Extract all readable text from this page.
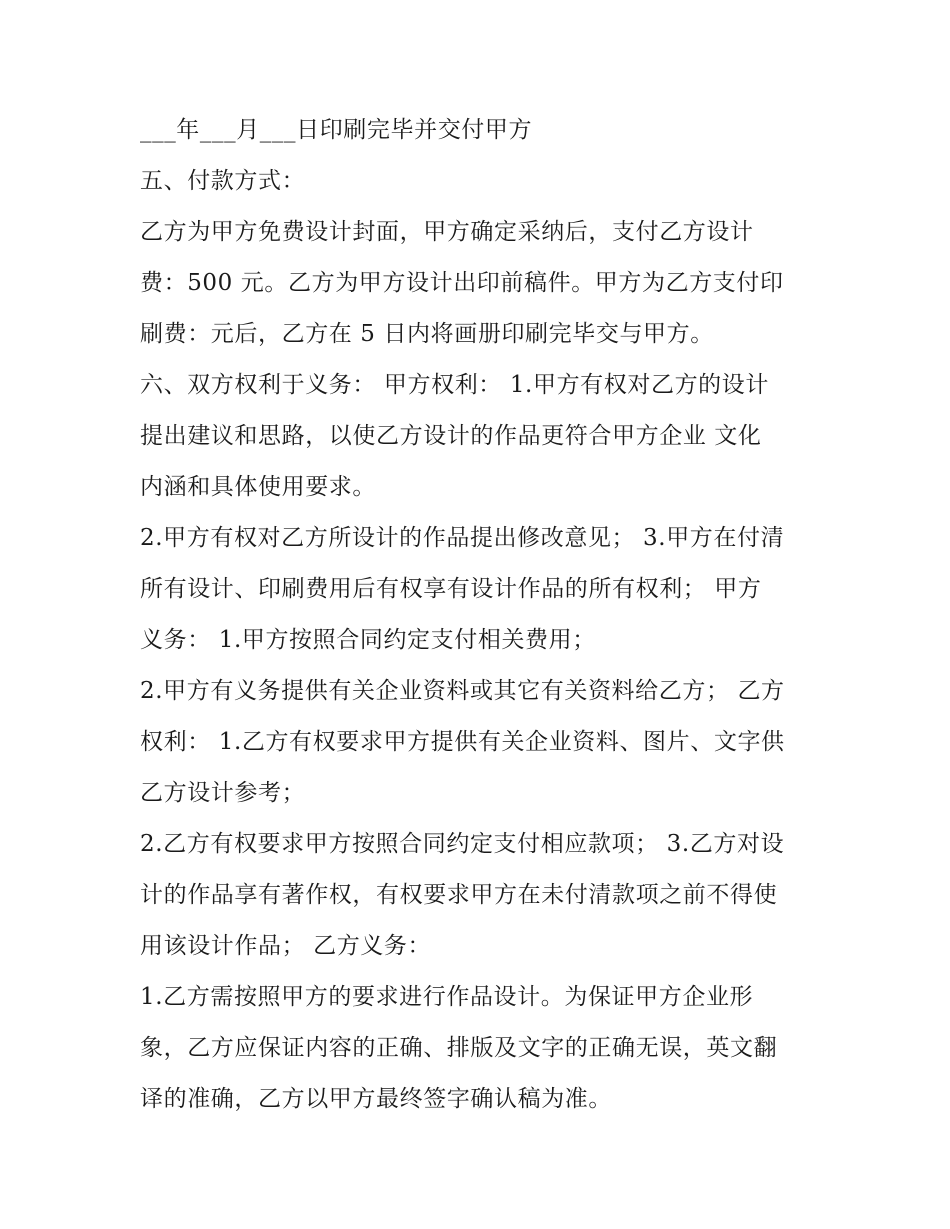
___年___月___日印刷完毕并交付甲方
五、付款方式：
乙方为甲方免费设计封面，甲方确定采纳后，支付乙方设计
费：500 元。乙方为甲方设计出印前稿件。甲方为乙方支付印
刷费：元后，乙方在 5 日内将画册印刷完毕交与甲方。
六、双方权利于义务： 甲方权利： 1.甲方有权对乙方的设计
提出建议和思路，以使乙方设计的作品更符合甲方企业 文化
内涵和具体使用要求。
2.甲方有权对乙方所设计的作品提出修改意见； 3.甲方在付清
所有设计、印刷费用后有权享有设计作品的所有权利； 甲方
义务： 1.甲方按照合同约定支付相关费用；
2.甲方有义务提供有关企业资料或其它有关资料给乙方； 乙方
权利： 1.乙方有权要求甲方提供有关企业资料、图片、文字供
乙方设计参考；
2.乙方有权要求甲方按照合同约定支付相应款项； 3.乙方对设
计的作品享有著作权，有权要求甲方在未付清款项之前不得使
用该设计作品； 乙方义务：
1.乙方需按照甲方的要求进行作品设计。为保证甲方企业形
象，乙方应保证内容的正确、排版及文字的正确无误，英文翻
译的准确，乙方以甲方最终签字确认稿为准。
